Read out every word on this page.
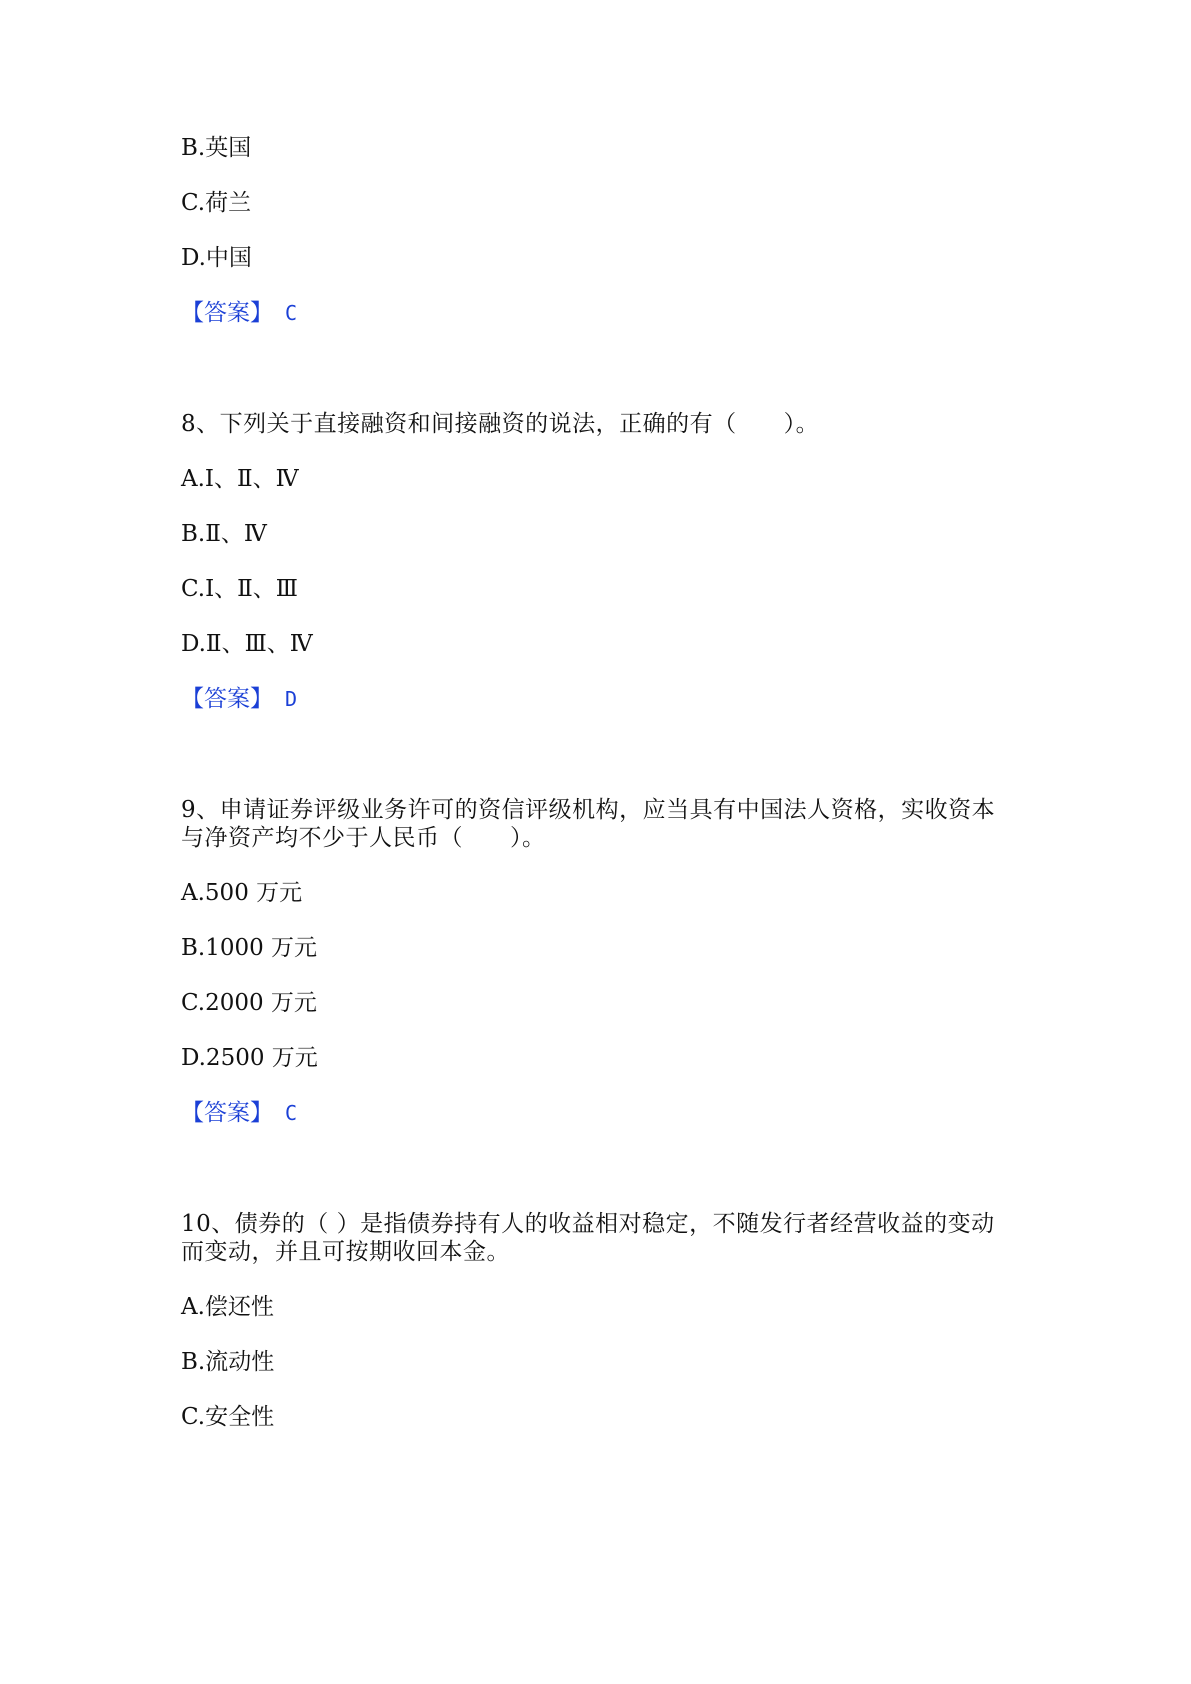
B.英国

C.荷兰

D.中国

【答案】 C

8、下列关于直接融资和间接融资的说法，正确的有（　　）。

A.Ⅰ、Ⅱ、Ⅳ

B.Ⅱ、Ⅳ

C.Ⅰ、Ⅱ、Ⅲ

D.Ⅱ、Ⅲ、Ⅳ

【答案】 D

9、申请证券评级业务许可的资信评级机构，应当具有中国法人资格，实收资本

与净资产均不少于人民币（　　）。

A.500 万元

B.1000 万元

C.2000 万元

D.2500 万元

【答案】 C

10、债券的（ ）是指债券持有人的收益相对稳定，不随发行者经营收益的变动

而变动，并且可按期收回本金。

A.偿还性

B.流动性

C.安全性
